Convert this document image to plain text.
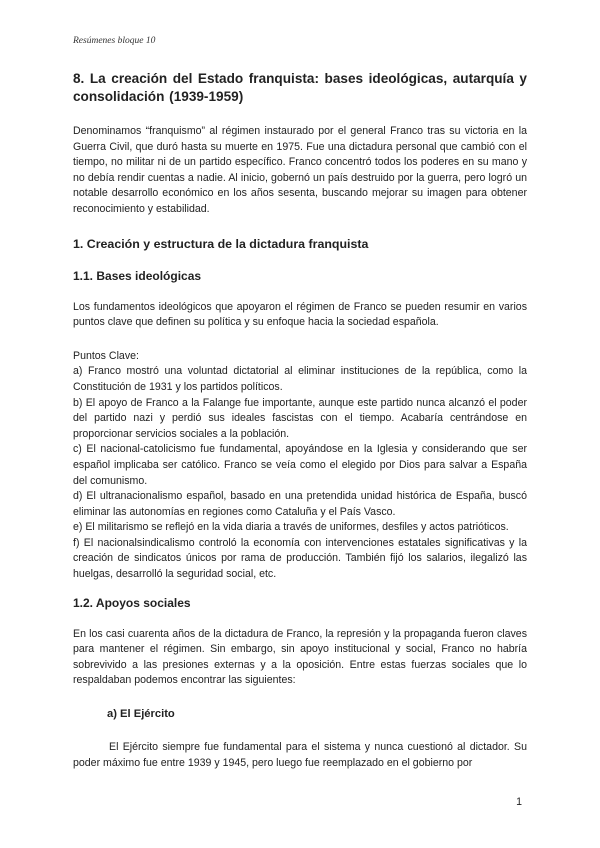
Resúmenes bloque 10
8. La creación del Estado franquista: bases ideológicas, autarquía y consolidación (1939-1959)

Denominamos “franquismo” al régimen instaurado por el general Franco tras su victoria en la Guerra Civil, que duró hasta su muerte en 1975. Fue una dictadura personal que cambió con el tiempo, no militar ni de un partido específico. Franco concentró todos los poderes en su mano y no debía rendir cuentas a nadie. Al inicio, gobernó un país destruido por la guerra, pero logró un notable desarrollo económico en los años sesenta, buscando mejorar su imagen para obtener reconocimiento y estabilidad.

1. Creación y estructura de la dictadura franquista
1.1. Bases ideológicas

Los fundamentos ideológicos que apoyaron el régimen de Franco se pueden resumir en varios puntos clave que definen su política y su enfoque hacia la sociedad española.

Puntos Clave:

a) Franco mostró una voluntad dictatorial al eliminar instituciones de la república, como la Constitución de 1931 y los partidos políticos.

b) El apoyo de Franco a la Falange fue importante, aunque este partido nunca alcanzó el poder del partido nazi y perdió sus ideales fascistas con el tiempo. Acabaría centrándose en proporcionar servicios sociales a la población.

c) El nacional-catolicismo fue fundamental, apoyándose en la Iglesia y considerando que ser español implicaba ser católico. Franco se veía como el elegido por Dios para salvar a España del comunismo.

d) El ultranacionalismo español, basado en una pretendida unidad histórica de España, buscó eliminar las autonomías en regiones como Cataluña y el País Vasco.

e) El militarismo se reflejó en la vida diaria a través de uniformes, desfiles y actos patrióticos.

f) El nacionalsindicalismo controló la economía con intervenciones estatales significativas y la creación de sindicatos únicos por rama de producción. También fijó los salarios, ilegalizó las huelgas, desarrolló la seguridad social, etc.

1.2. Apoyos sociales

En los casi cuarenta años de la dictadura de Franco, la represión y la propaganda fueron claves para mantener el régimen. Sin embargo, sin apoyo institucional y social, Franco no habría sobrevivido a las presiones externas y a la oposición. Entre estas fuerzas sociales que lo respaldaban podemos encontrar las siguientes:

a) El Ejército

El Ejército siempre fue fundamental para el sistema y nunca cuestionó al dictador. Su poder máximo fue entre 1939 y 1945, pero luego fue reemplazado en el gobierno por

1
